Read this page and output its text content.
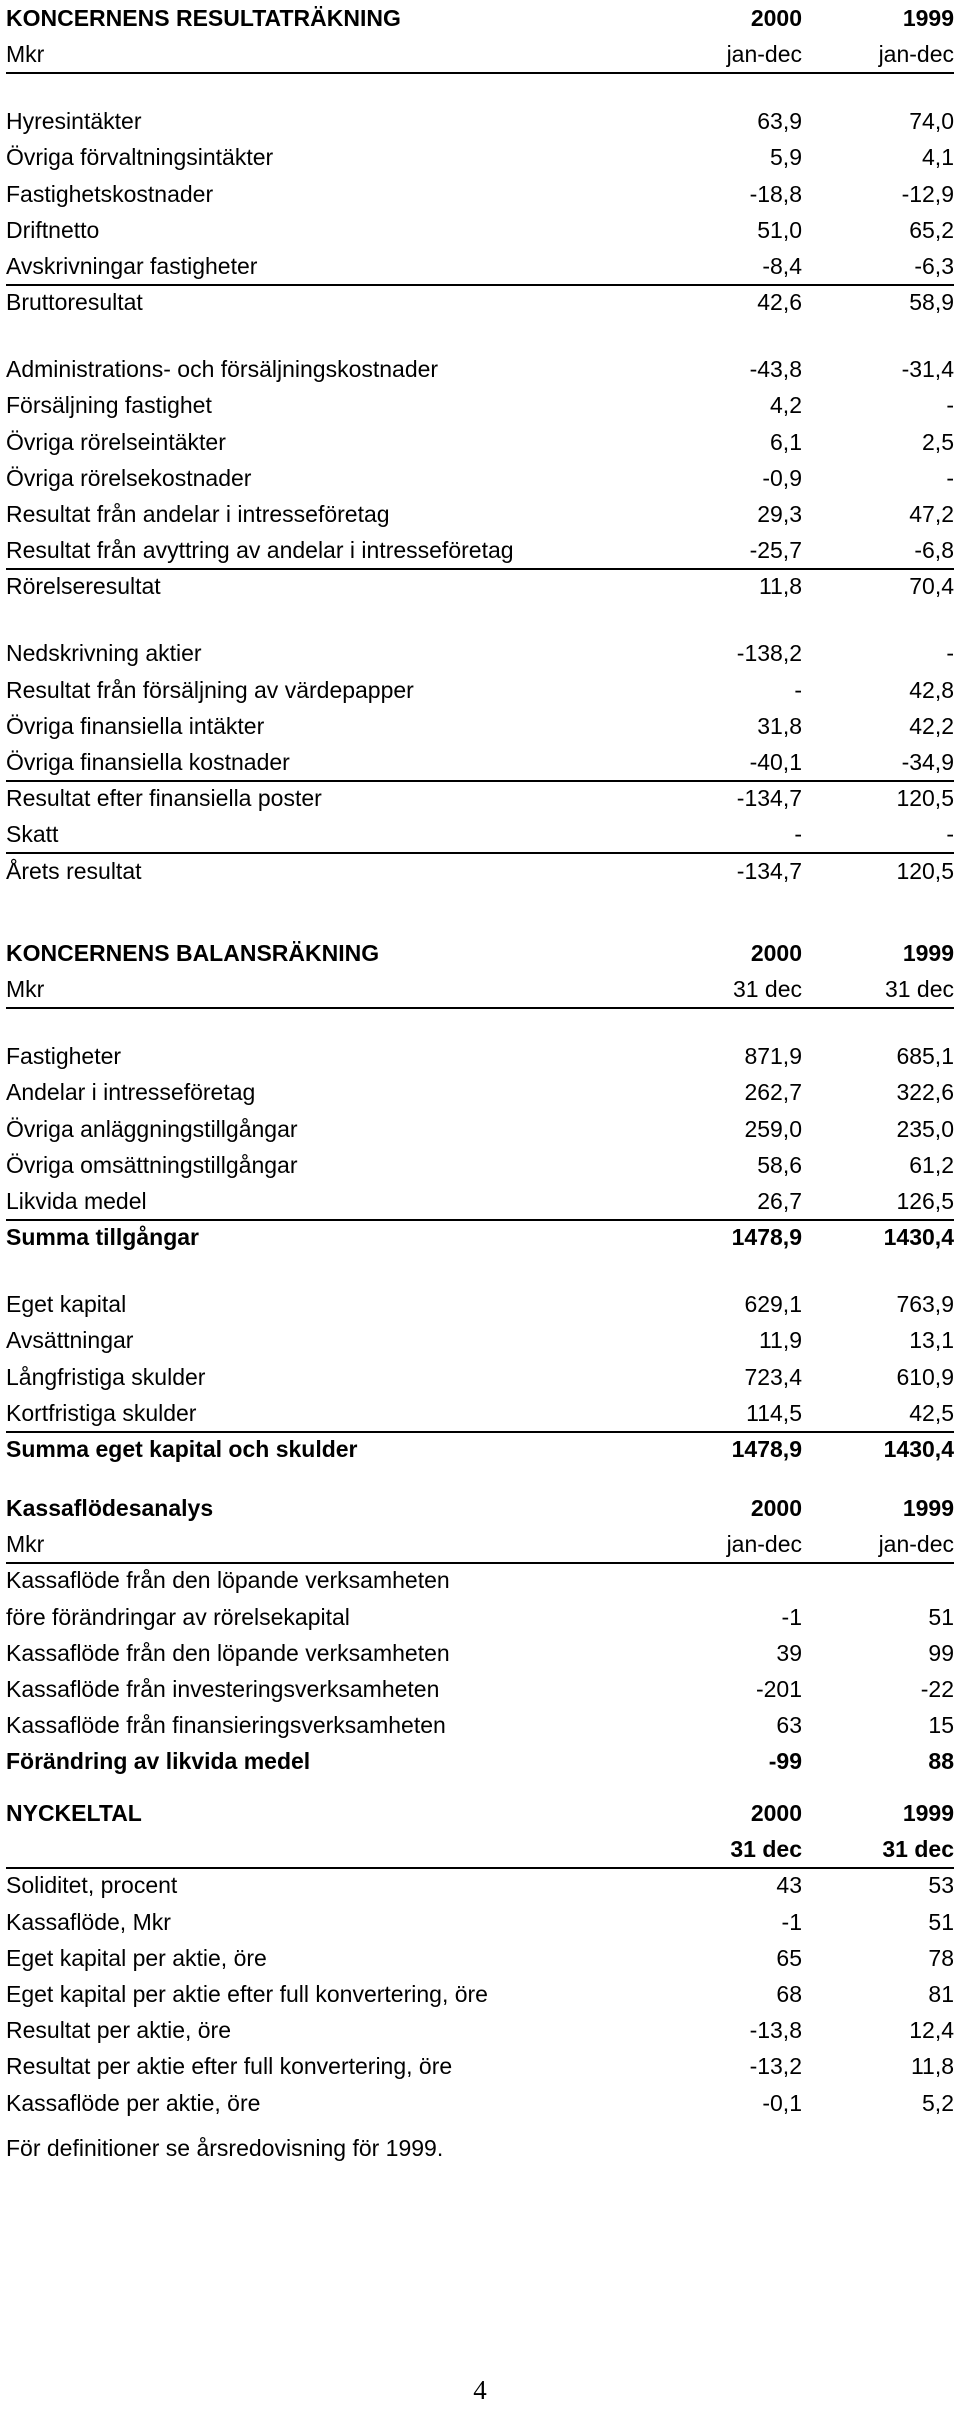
KONCERNENS RESULTATRÄKNING	2000	1999
Mkr	jan-dec	jan-dec
Hyresintäkter	63,9	74,0
Övriga förvaltningsintäkter	5,9	4,1
Fastighetskostnader	-18,8	-12,9
Driftnetto	51,0	65,2
Avskrivningar fastigheter	-8,4	-6,3
Bruttoresultat	42,6	58,9
Administrations- och försäljningskostnader	-43,8	-31,4
Försäljning fastighet	4,2	-
Övriga rörelseintäkter	6,1	2,5
Övriga rörelsekostnader	-0,9	-
Resultat från andelar i intresseföretag	29,3	47,2
Resultat från avyttring av andelar i intresseföretag	-25,7	-6,8
Rörelseresultat	11,8	70,4
Nedskrivning aktier	-138,2	-
Resultat från försäljning av värdepapper	-	42,8
Övriga finansiella intäkter	31,8	42,2
Övriga finansiella kostnader	-40,1	-34,9
Resultat efter finansiella poster	-134,7	120,5
Skatt	-	-
Årets resultat	-134,7	120,5
KONCERNENS BALANSRÄKNING	2000	1999
Mkr	31 dec	31 dec
Fastigheter	871,9	685,1
Andelar i intresseföretag	262,7	322,6
Övriga anläggningstillgångar	259,0	235,0
Övriga omsättningstillgångar	58,6	61,2
Likvida medel	26,7	126,5
Summa tillgångar	1478,9	1430,4
Eget kapital	629,1	763,9
Avsättningar	11,9	13,1
Långfristiga skulder	723,4	610,9
Kortfristiga skulder	114,5	42,5
Summa eget kapital och skulder	1478,9	1430,4
Kassaflödesanalys	2000	1999
Mkr	jan-dec	jan-dec
Kassaflöde från den löpande verksamheten
före förändringar av rörelsekapital	-1	51
Kassaflöde från den löpande verksamheten	39	99
Kassaflöde från investeringsverksamheten	-201	-22
Kassaflöde från finansieringsverksamheten	63	15
Förändring av likvida medel	-99	88
NYCKELTAL	2000	1999
31 dec	31 dec
Soliditet, procent	43	53
Kassaflöde, Mkr	-1	51
Eget kapital per aktie, öre	65	78
Eget kapital per aktie efter full konvertering, öre	68	81
Resultat per aktie, öre	-13,8	12,4
Resultat per aktie efter full konvertering, öre	-13,2	11,8
Kassaflöde per aktie, öre	-0,1	5,2
För definitioner se årsredovisning för 1999.
4
